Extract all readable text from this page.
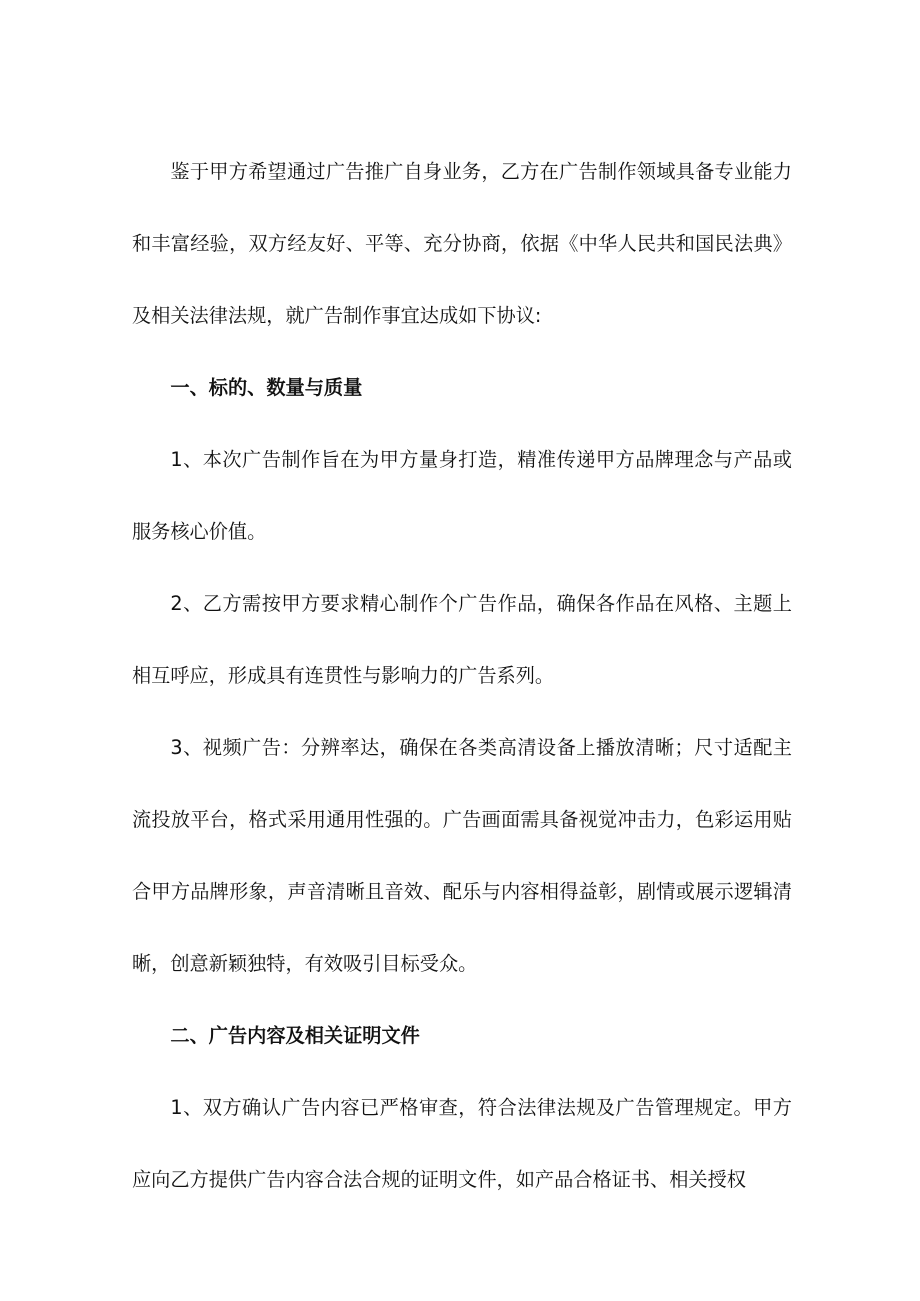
鉴于甲方希望通过广告推广自身业务，乙方在广告制作领域具备专业能力和丰富经验，双方经友好、平等、充分协商，依据《中华人民共和国民法典》及相关法律法规，就广告制作事宜达成如下协议:

一、标的、数量与质量

1、本次广告制作旨在为甲方量身打造，精准传递甲方品牌理念与产品或服务核心价值。

2、乙方需按甲方要求精心制作个广告作品，确保各作品在风格、主题上相互呼应，形成具有连贯性与影响力的广告系列。

3、视频广告：分辨率达，确保在各类高清设备上播放清晰；尺寸适配主流投放平台，格式采用通用性强的。广告画面需具备视觉冲击力，色彩运用贴合甲方品牌形象，声音清晰且音效、配乐与内容相得益彰，剧情或展示逻辑清晰，创意新颖独特，有效吸引目标受众。

二、广告内容及相关证明文件

1、双方确认广告内容已严格审查，符合法律法规及广告管理规定。甲方应向乙方提供广告内容合法合规的证明文件，如产品合格证书、相关授权
